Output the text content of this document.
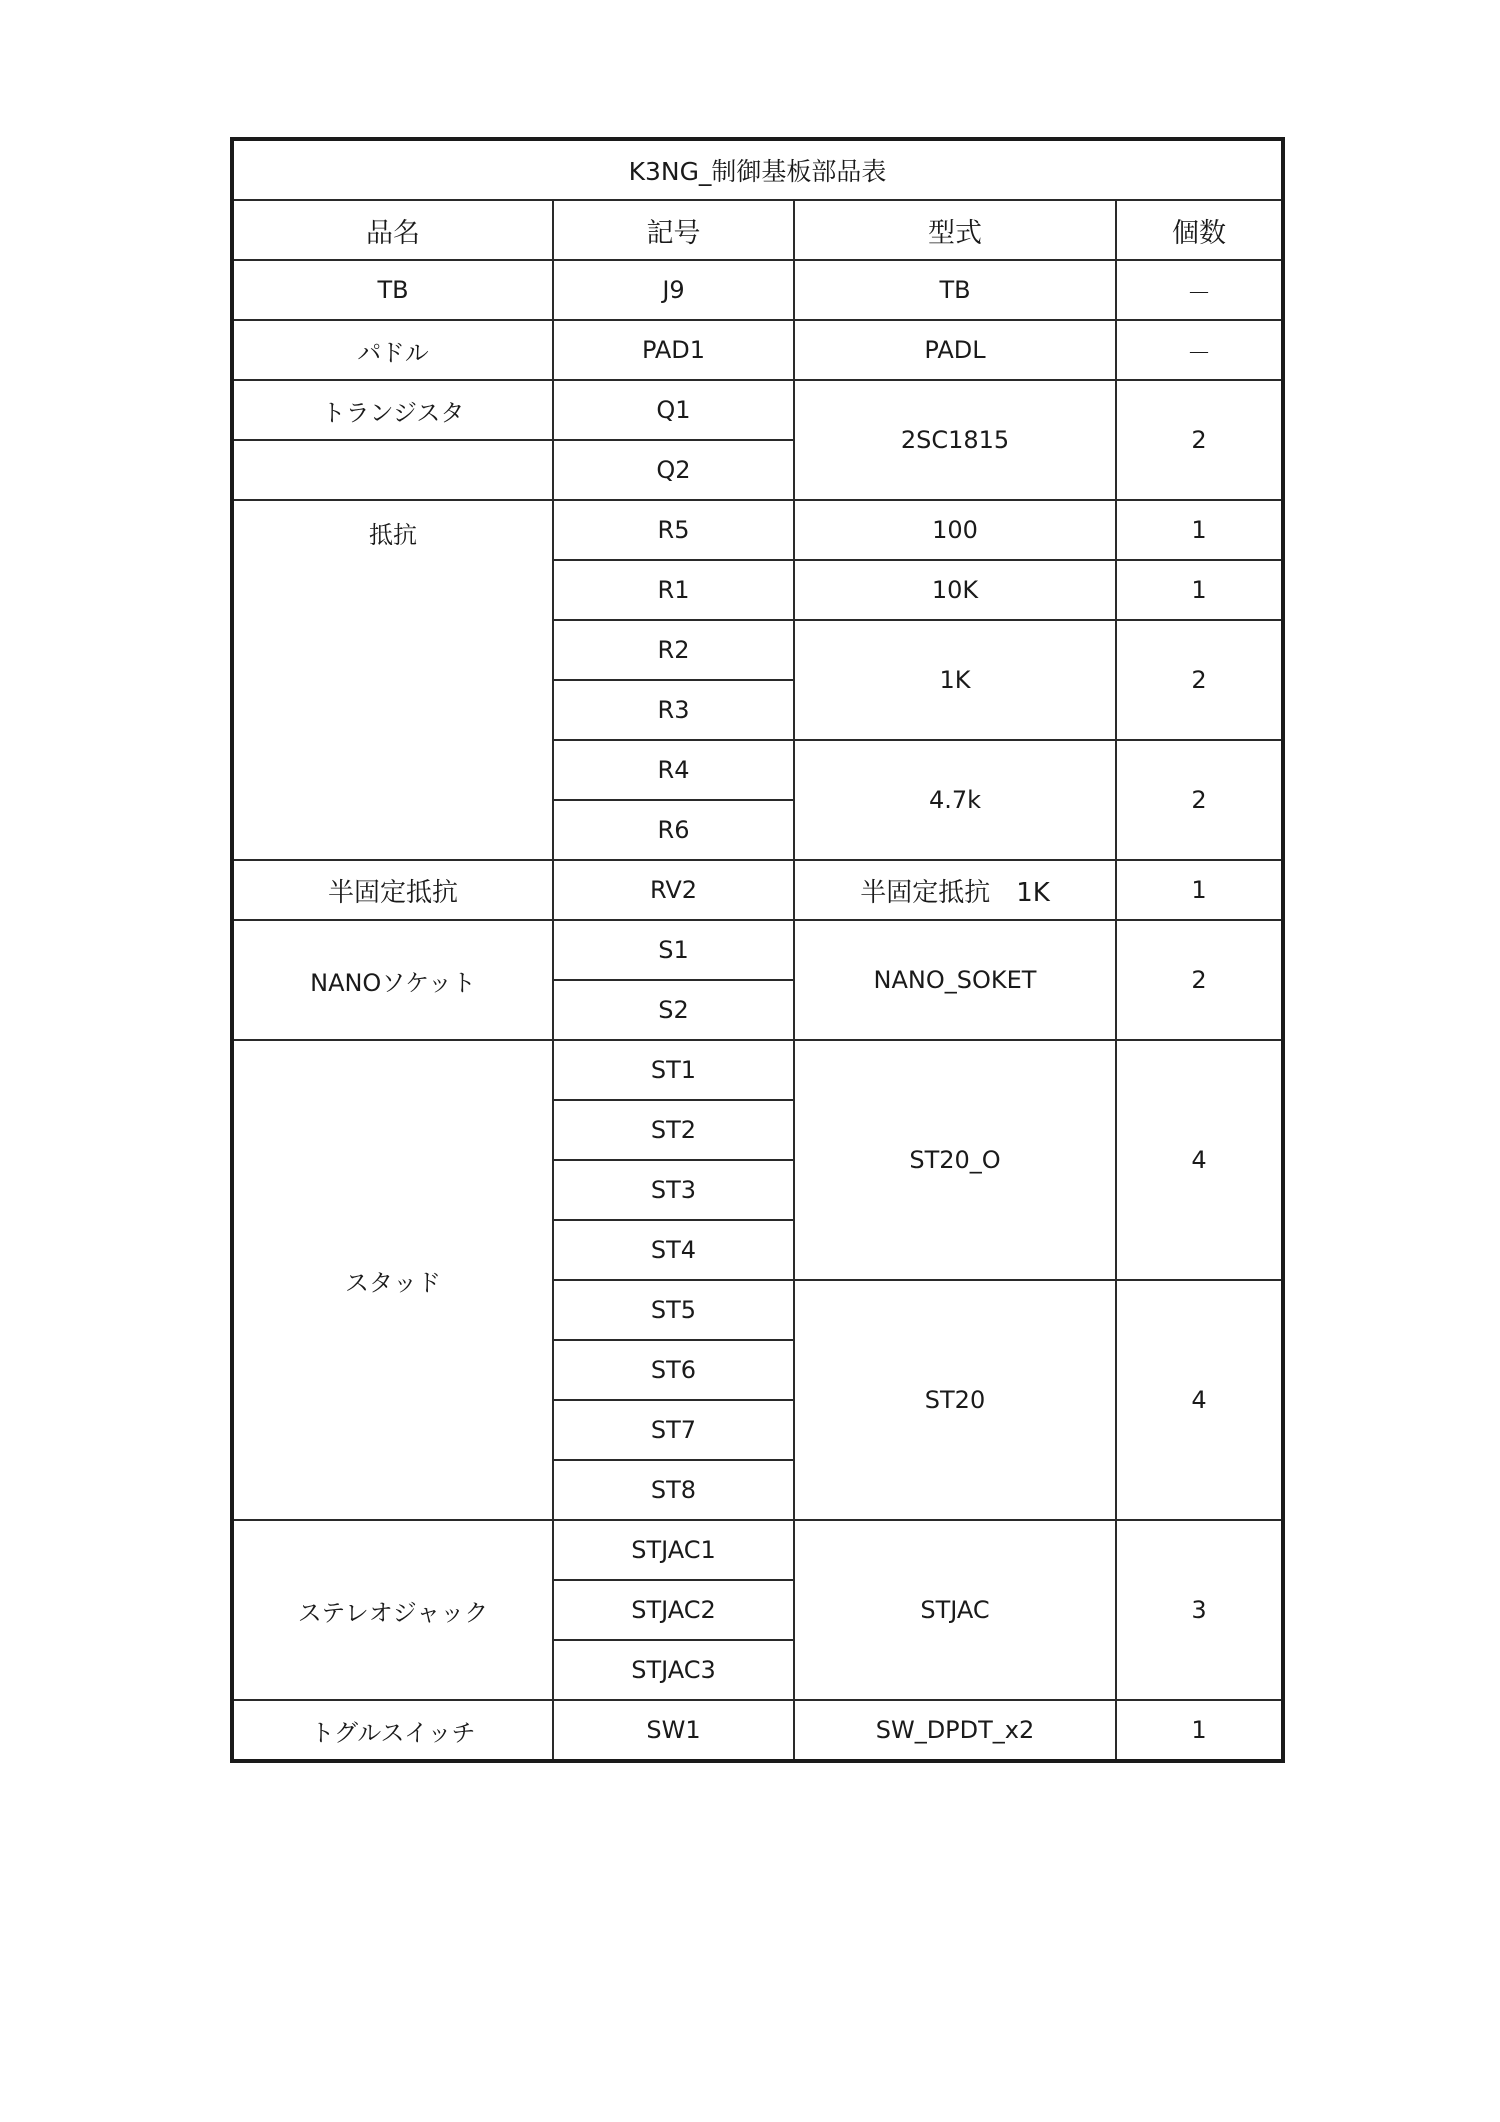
K3NG_制御基板部品表			
品名	記号	型式	個数
TB	J9	TB	－
パドル	PAD1	PADL	－
トランジスタ	Q1	2SC1815	2
	Q2		
抵抗	R5	100	1
	R1	10K	1
	R2	1K	2
	R3		
	R4	4.7k	2
	R6		
半固定抵抗	RV2	半固定抵抗　1K	1
NANOソケット	S1	NANO_SOKET	2
	S2		
スタッド	ST1	ST20_O	4
	ST2		
	ST3		
	ST4		
	ST5	ST20	4
	ST6		
	ST7		
	ST8		
ステレオジャック	STJAC1	STJAC	3
	STJAC2		
	STJAC3		
トグルスイッチ	SW1	SW_DPDT_x2	1
